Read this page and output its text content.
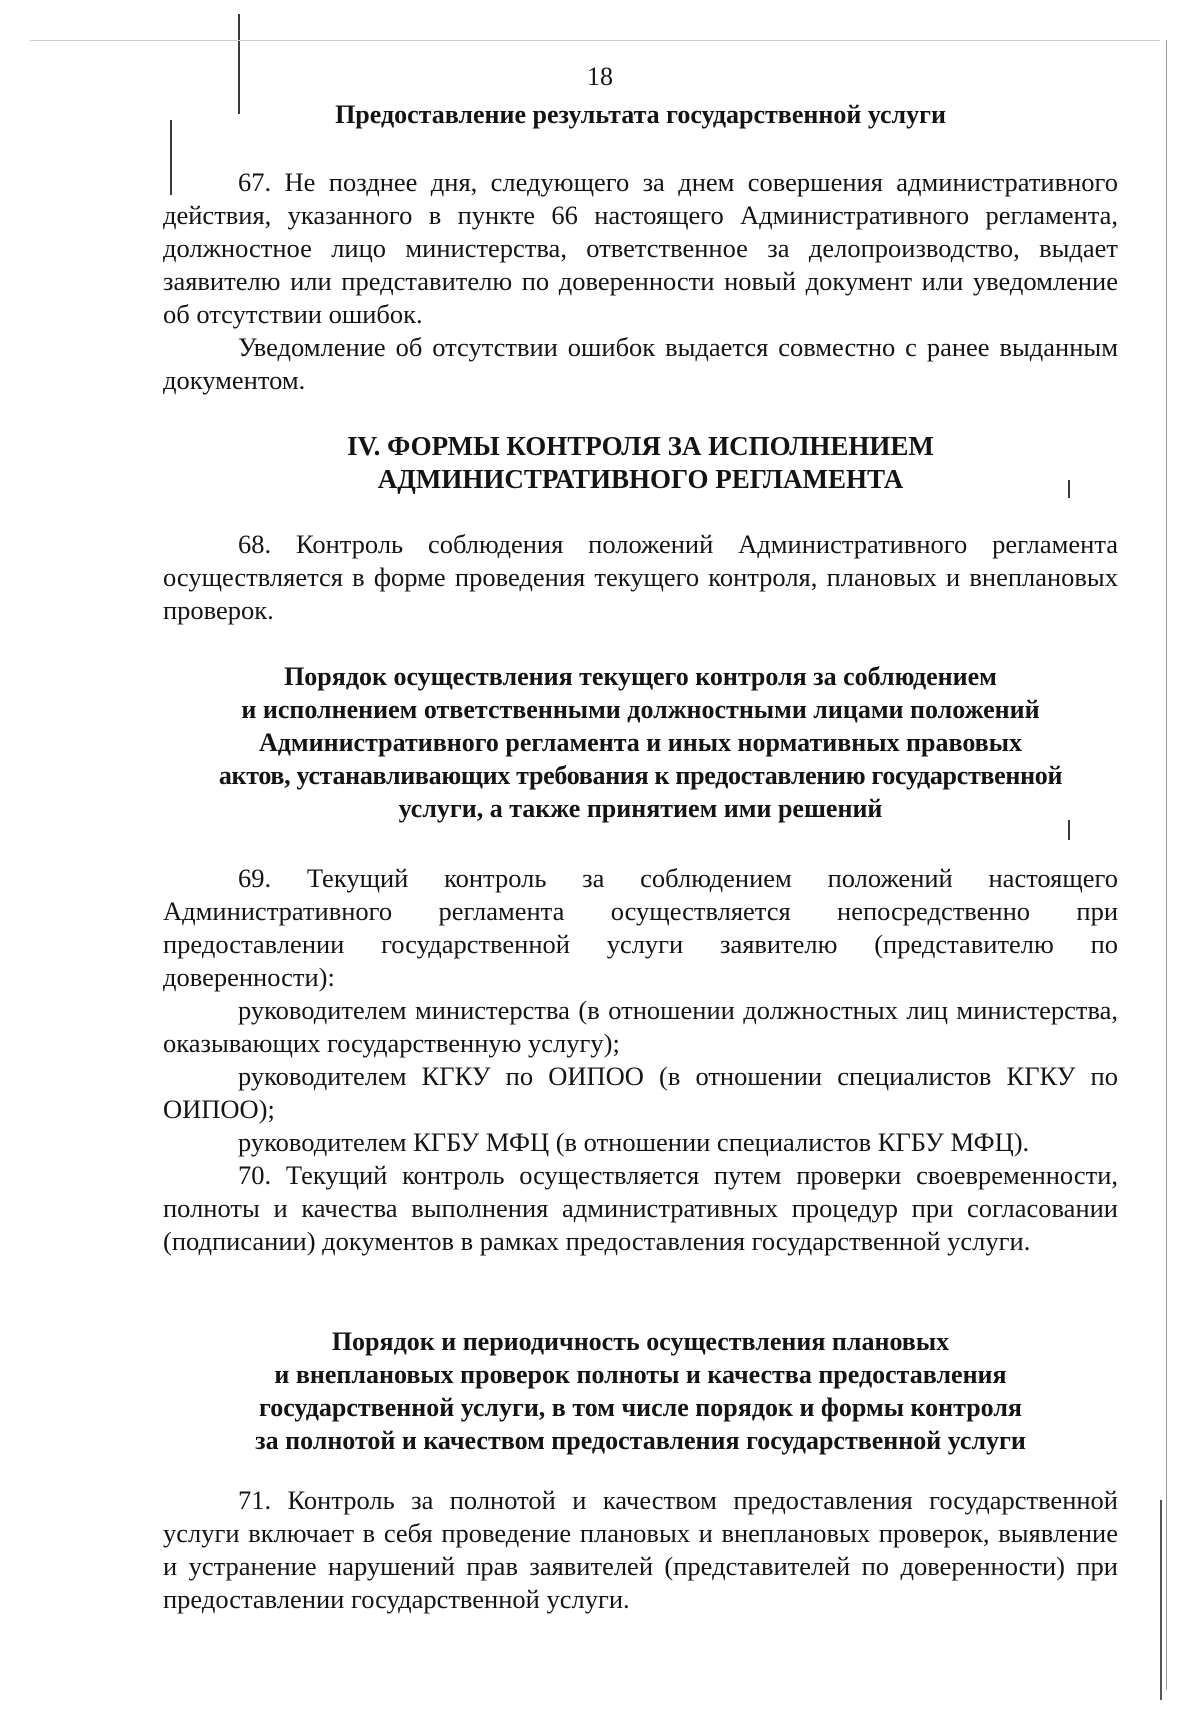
18

Предоставление результата государственной услуги

67. Не позднее дня, следующего за днем совершения административного действия, указанного в пункте 66 настоящего Административного регламента, должностное лицо министерства, ответственное за делопроизводство, выдает заявителю или представителю по доверенности новый документ или уведомление об отсутствии ошибок.

Уведомление об отсутствии ошибок выдается совместно с ранее выданным документом.

IV. ФОРМЫ КОНТРОЛЯ ЗА ИСПОЛНЕНИЕМ

АДМИНИСТРАТИВНОГО РЕГЛАМЕНТА

68. Контроль соблюдения положений Административного регламента осуществляется в форме проведения текущего контроля, плановых и внеплановых проверок.

Порядок осуществления текущего контроля за соблюдением

и исполнением ответственными должностными лицами положений

Административного регламента и иных нормативных правовых

актов, устанавливающих требования к предоставлению государственной

услуги, а также принятием ими решений

69. Текущий контроль за соблюдением положений настоящего Административного регламента осуществляется непосредственно при предоставлении государственной услуги заявителю (представителю по доверенности):

руководителем министерства (в отношении должностных лиц министерства, оказывающих государственную услугу);

руководителем КГКУ по ОИПОО (в отношении специалистов КГКУ по ОИПОО);

руководителем КГБУ МФЦ (в отношении специалистов КГБУ МФЦ).

70. Текущий контроль осуществляется путем проверки своевременности, полноты и качества выполнения административных процедур при согласовании (подписании) документов в рамках предоставления государственной услуги.

Порядок и периодичность осуществления плановых

и внеплановых проверок полноты и качества предоставления

государственной услуги, в том числе порядок и формы контроля

за полнотой и качеством предоставления государственной услуги

71. Контроль за полнотой и качеством предоставления государственной услуги включает в себя проведение плановых и внеплановых проверок, выявление и устранение нарушений прав заявителей (представителей по доверенности) при предоставлении государственной услуги.
